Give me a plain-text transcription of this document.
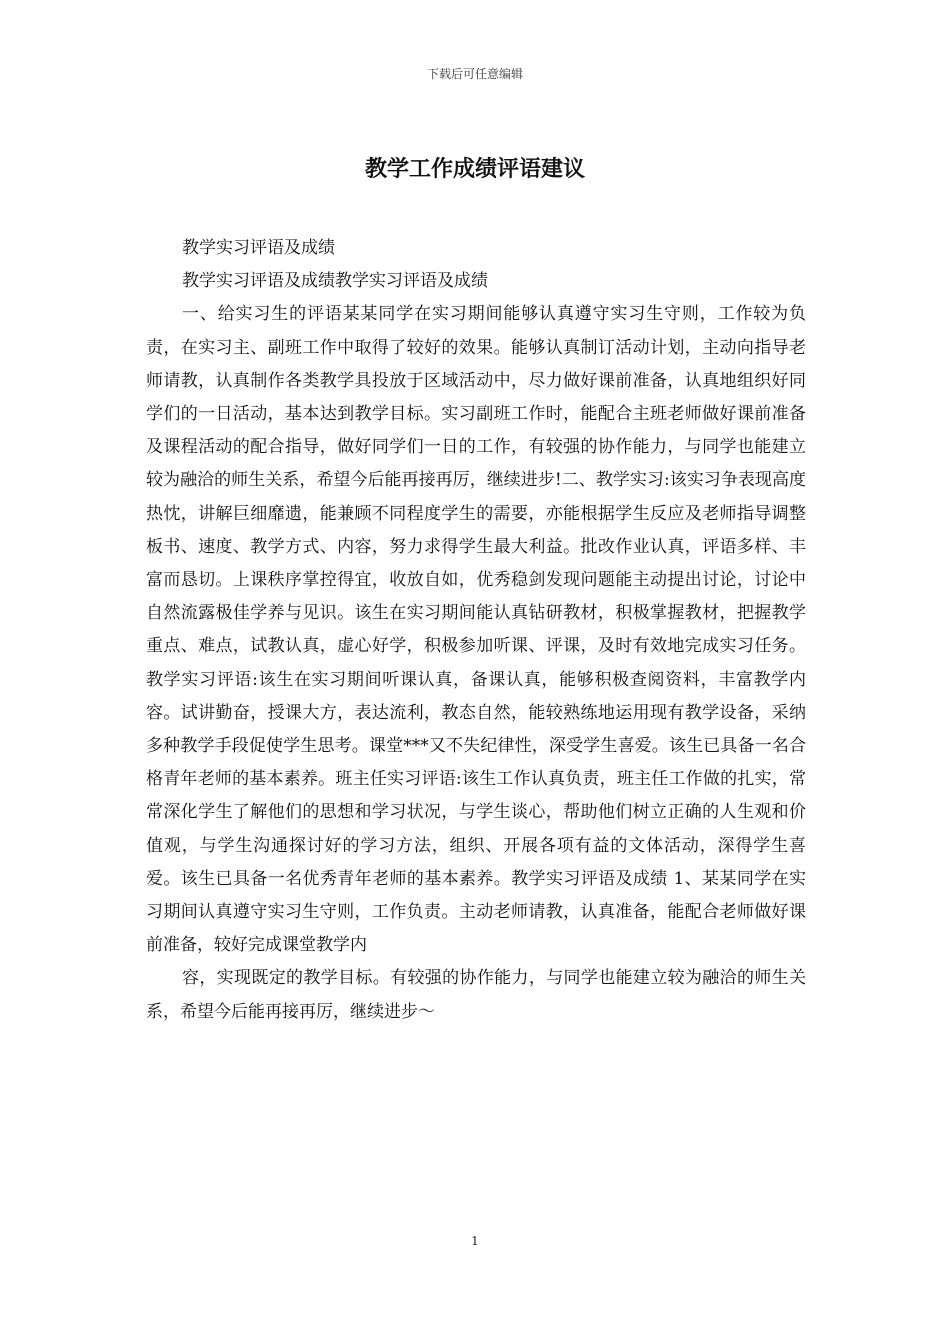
下载后可任意编辑
教学工作成绩评语建议

教学实习评语及成绩

教学实习评语及成绩教学实习评语及成绩

一、给实习生的评语某某同学在实习期间能够认真遵守实习生守则，工作较为负责，在实习主、副班工作中取得了较好的效果。能够认真制订活动计划，主动向指导老师请教，认真制作各类教学具投放于区域活动中，尽力做好课前准备，认真地组织好同学们的一日活动，基本达到教学目标。实习副班工作时，能配合主班老师做好课前准备及课程活动的配合指导，做好同学们一日的工作，有较强的协作能力，与同学也能建立较为融洽的师生关系，希望今后能再接再厉，继续进步!二、教学实习:该实习争表现高度热忱，讲解巨细靡遗，能兼顾不同程度学生的需要，亦能根据学生反应及老师指导调整板书、速度、教学方式、内容，努力求得学生最大利益。批改作业认真，评语多样、丰富而恳切。上课秩序掌控得宜，收放自如，优秀稳剑发现问题能主动提出讨论，讨论中自然流露极佳学养与见识。该生在实习期间能认真钻研教材，积极掌握教材，把握教学重点、难点，试教认真，虚心好学，积极参加听课、评课，及时有效地完成实习任务。教学实习评语:该生在实习期间听课认真，备课认真，能够积极查阅资料，丰富教学内容。试讲勤奋，授课大方，表达流利，教态自然，能较熟练地运用现有教学设备，采纳多种教学手段促使学生思考。课堂***又不失纪律性，深受学生喜爱。该生已具备一名合格青年老师的基本素养。班主任实习评语:该生工作认真负责，班主任工作做的扎实，常常深化学生了解他们的思想和学习状况，与学生谈心，帮助他们树立正确的人生观和价值观，与学生沟通探讨好的学习方法，组织、开展各项有益的文体活动，深得学生喜爱。该生已具备一名优秀青年老师的基本素养。教学实习评语及成绩 1、某某同学在实习期间认真遵守实习生守则，工作负责。主动老师请教，认真准备，能配合老师做好课前准备，较好完成课堂教学内

容，实现既定的教学目标。有较强的协作能力，与同学也能建立较为融洽的师生关系，希望今后能再接再厉，继续进步～

1
